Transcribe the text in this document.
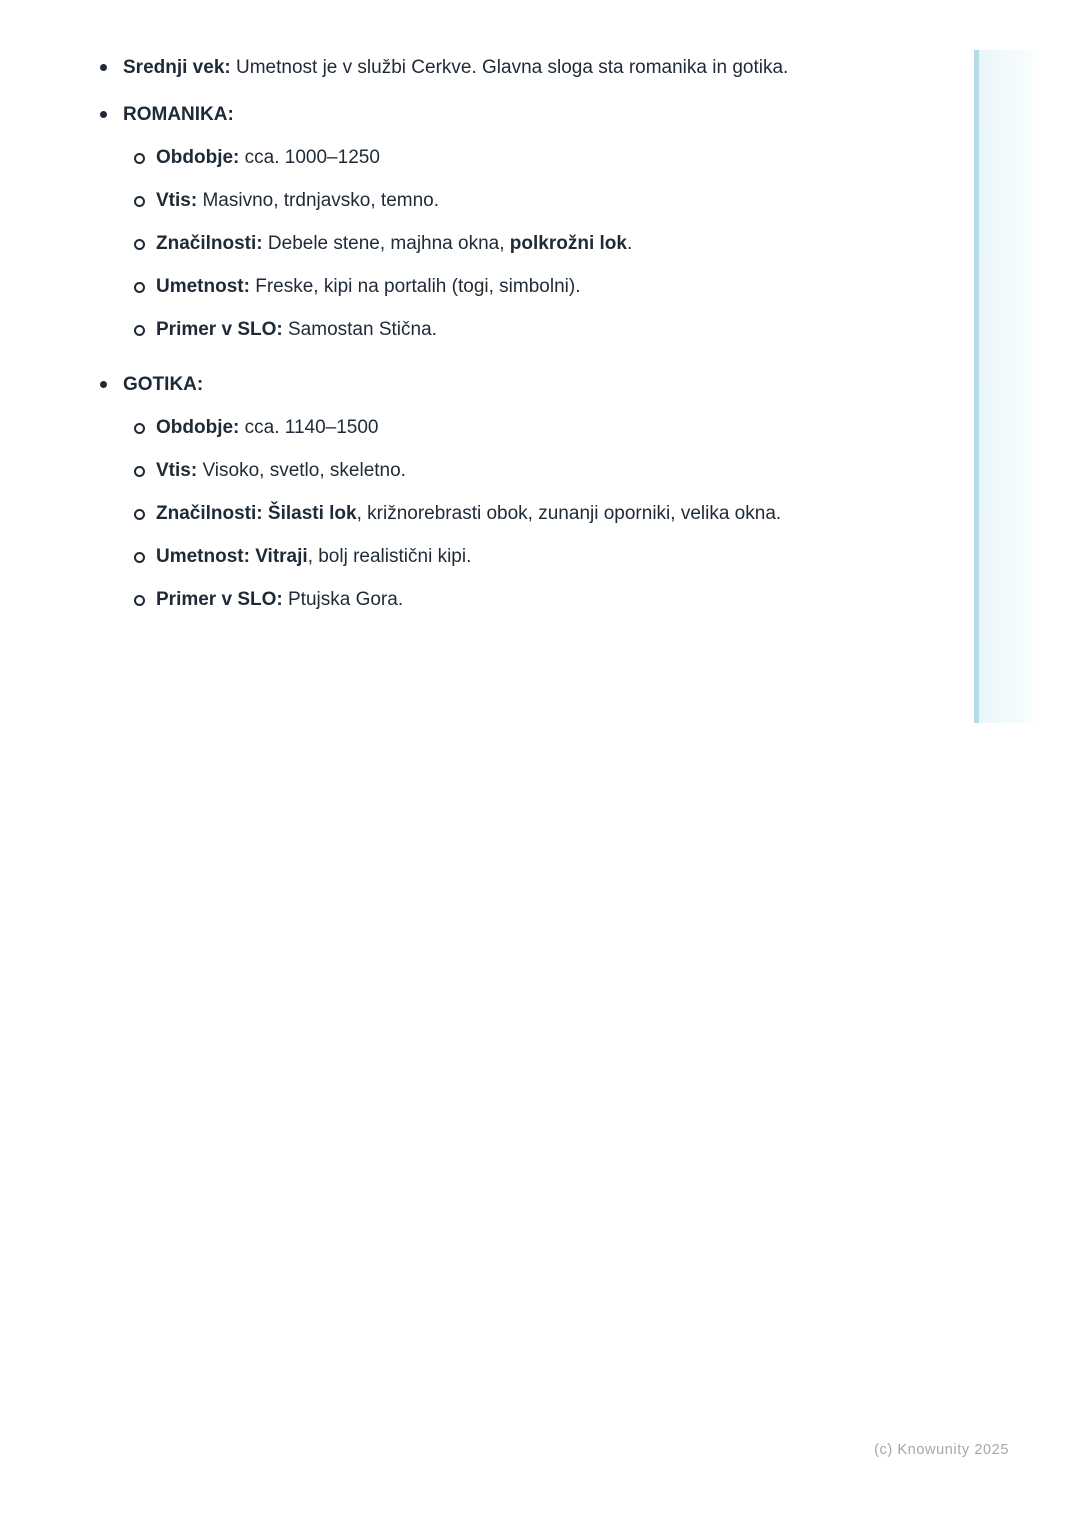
Srednji vek: Umetnost je v službi Cerkve. Glavna sloga sta romanika in gotika.
ROMANIKA:
Obdobje: cca. 1000–1250
Vtis: Masivno, trdnjavsko, temno.
Značilnosti: Debele stene, majhna okna, polkrožni lok.
Umetnost: Freske, kipi na portalih (togi, simbolni).
Primer v SLO: Samostan Stična.
GOTIKA:
Obdobje: cca. 1140–1500
Vtis: Visoko, svetlo, skeletno.
Značilnosti: Šilasti lok, križnorebrasti obok, zunanji oporniki, velika okna.
Umetnost: Vitraji, bolj realistični kipi.
Primer v SLO: Ptujska Gora.
(c) Knowunity 2025
